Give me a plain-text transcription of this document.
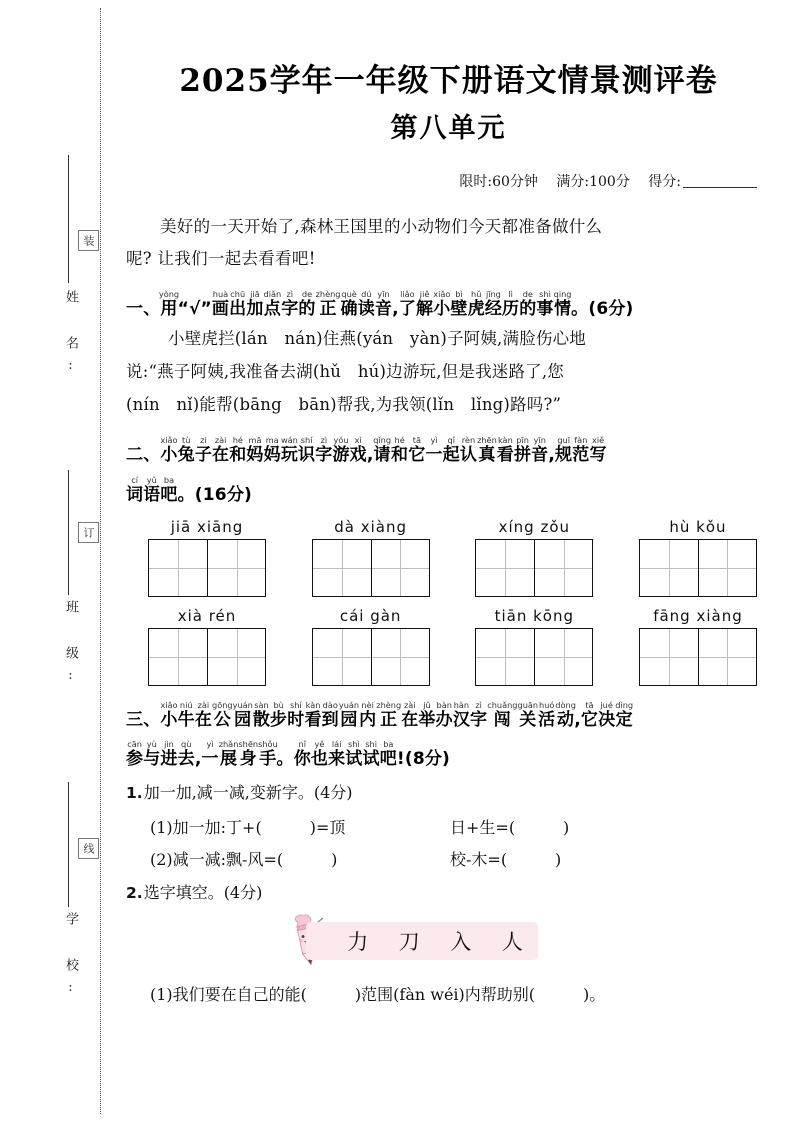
装
订
线
姓 名:
班 级:
学 校:
2025学年一年级下册语文情景测评卷
第八单元
限时:60分钟 满分:100分 得分:
美好的一天开始了,森林王国里的小动物们今天都准备做什么
呢? 让我们一起去看看吧!
一、用yòng“√”画huà出chū加jiā点diǎn字zì的de正zhèng确què读dú音yīn,了liǎo解jiě小xiǎo壁bì虎hǔ经jīng历lì的de事shì情qing。(6分)
小壁虎拦(lán　nán)住燕(yán　yàn)子阿姨,满脸伤心地
说:“燕子阿姨,我准备去湖(hǔ　hú)边游玩,但是我迷路了,您
(nín　nǐ)能帮(bāng　bān)帮我,为我领(lǐn　lǐng)路吗?”
二、小xiǎo兔tù子zi在zài和hé妈mā妈ma玩wán识shí字zì游yóu戏xì,请qǐng和hé它tā一yì起qǐ认rèn真zhēn看kàn拼pīn音yīn,规guī范fàn写xiě
词cí语yǔ吧ba。(16分)
jiā xiāng	dà xiàng	xíng zǒu	hù kǒu
xià rén	cái gàn	tiān kōng	fāng xiàng
三、小xiǎo牛niú在zài公gōng园yuán散sàn步bù时shí看kàn到dào园yuán内nèi正zhèng在zài举jǔ办bàn汉hàn字zì闯chuǎng关guān活huó动dòng,它tā决jué定dìng
参cān与yù进jìn去qù,一yì展zhǎn身shēn手shǒu。你nǐ也yě来lái试shì试shi吧ba!(8分)
1.加一加,减一减,变新字。(4分)
(1)加一加:丁+(　　　)=顶	日+生=(　　　)
(2)减一减:飘-风=(　　　)	校-木=(　　　)
2.选字填空。(4分)
力 刀 入 人
(1)我们要在自己的能(　　　)范围(fàn wéi)内帮助别(　　　)。
